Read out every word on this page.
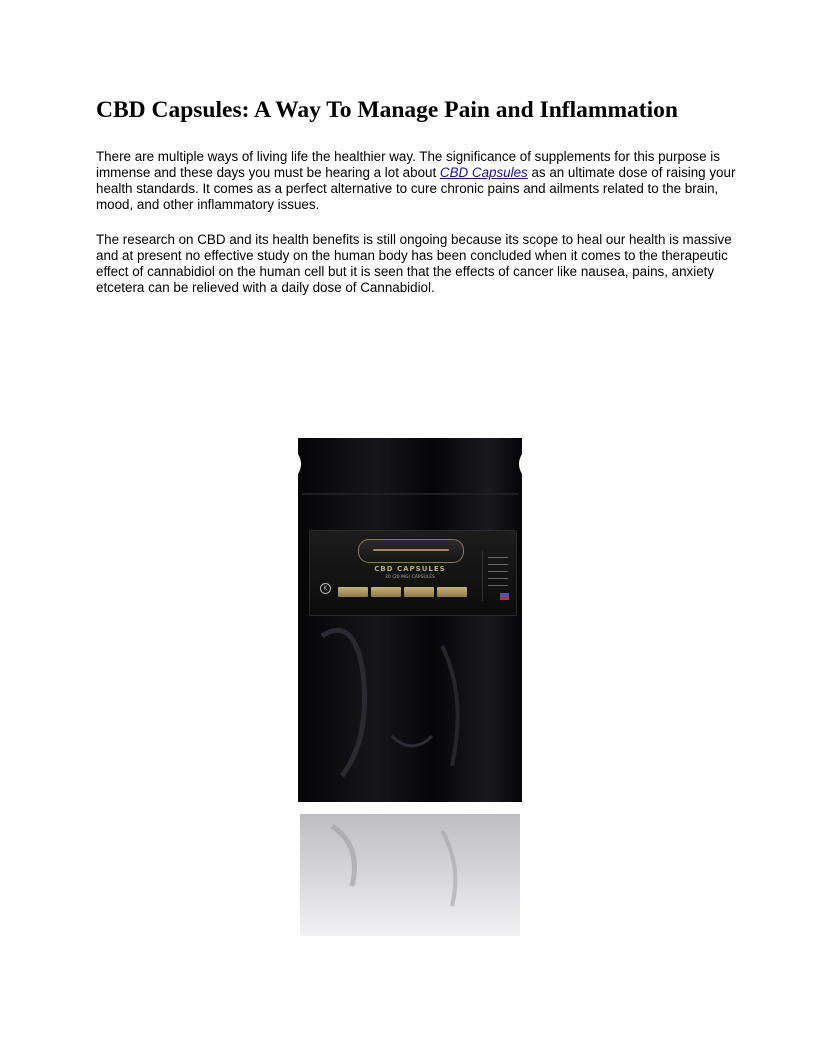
CBD Capsules: A Way To Manage Pain and Inflammation

There are multiple ways of living life the healthier way. The significance of supplements for this purpose is immense and these days you must be hearing a lot about CBD Capsules as an ultimate dose of raising your health standards. It comes as a perfect alternative to cure chronic pains and ailments related to the brain, mood, and other inflammatory issues.

The research on CBD and its health benefits is still ongoing because its scope to heal our health is massive and at present no effective study on the human body has been concluded when it comes to the therapeutic effect of cannabidiol on the human cell but it is seen that the effects of cancer like nausea, pains, anxiety etcetera can be relieved with a daily dose of Cannabidiol.

CBD CAPSULES
30 (20 MG) CAPSULES
K
